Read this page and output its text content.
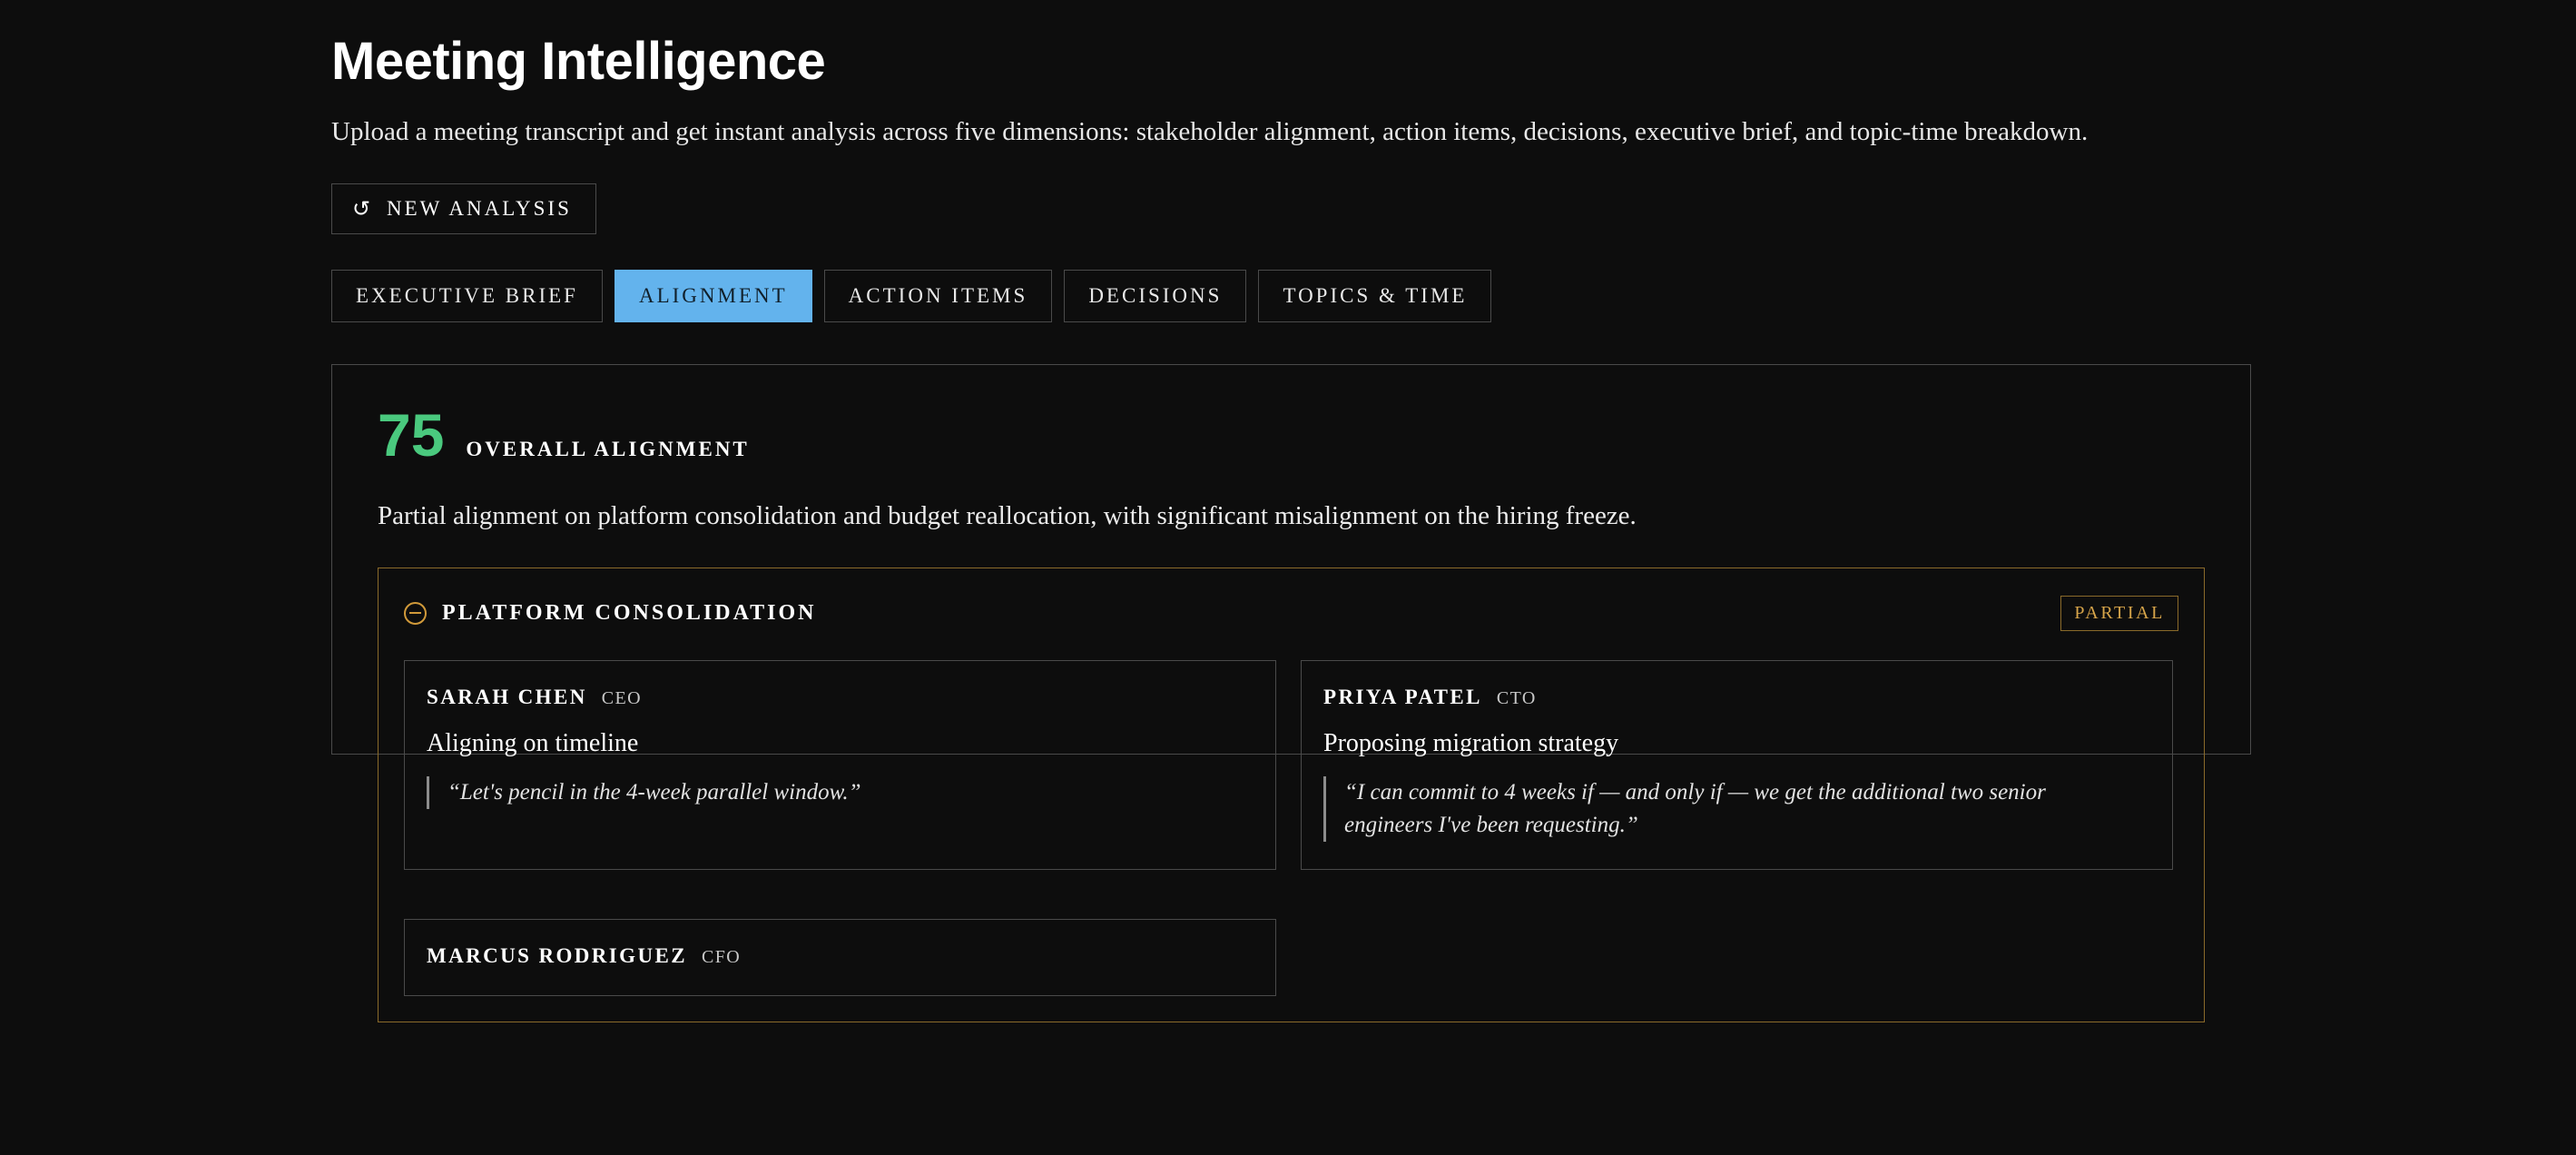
Meeting Intelligence

Upload a meeting transcript and get instant analysis across five dimensions: stakeholder alignment, action items, decisions, executive brief, and topic-time breakdown.

↺ NEW ANALYSIS
EXECUTIVE BRIEF	ALIGNMENT	ACTION ITEMS	DECISIONS	TOPICS & TIME
75 OVERALL ALIGNMENT
Partial alignment on platform consolidation and budget reallocation, with significant misalignment on the hiring freeze.
PLATFORM CONSOLIDATION	PARTIAL
SARAH CHEN CEO
Aligning on timeline
“Let's pencil in the 4-week parallel window.”
PRIYA PATEL CTO
Proposing migration strategy
“I can commit to 4 weeks if — and only if — we get the additional two senior engineers I've been requesting.”
MARCUS RODRIGUEZ CFO
